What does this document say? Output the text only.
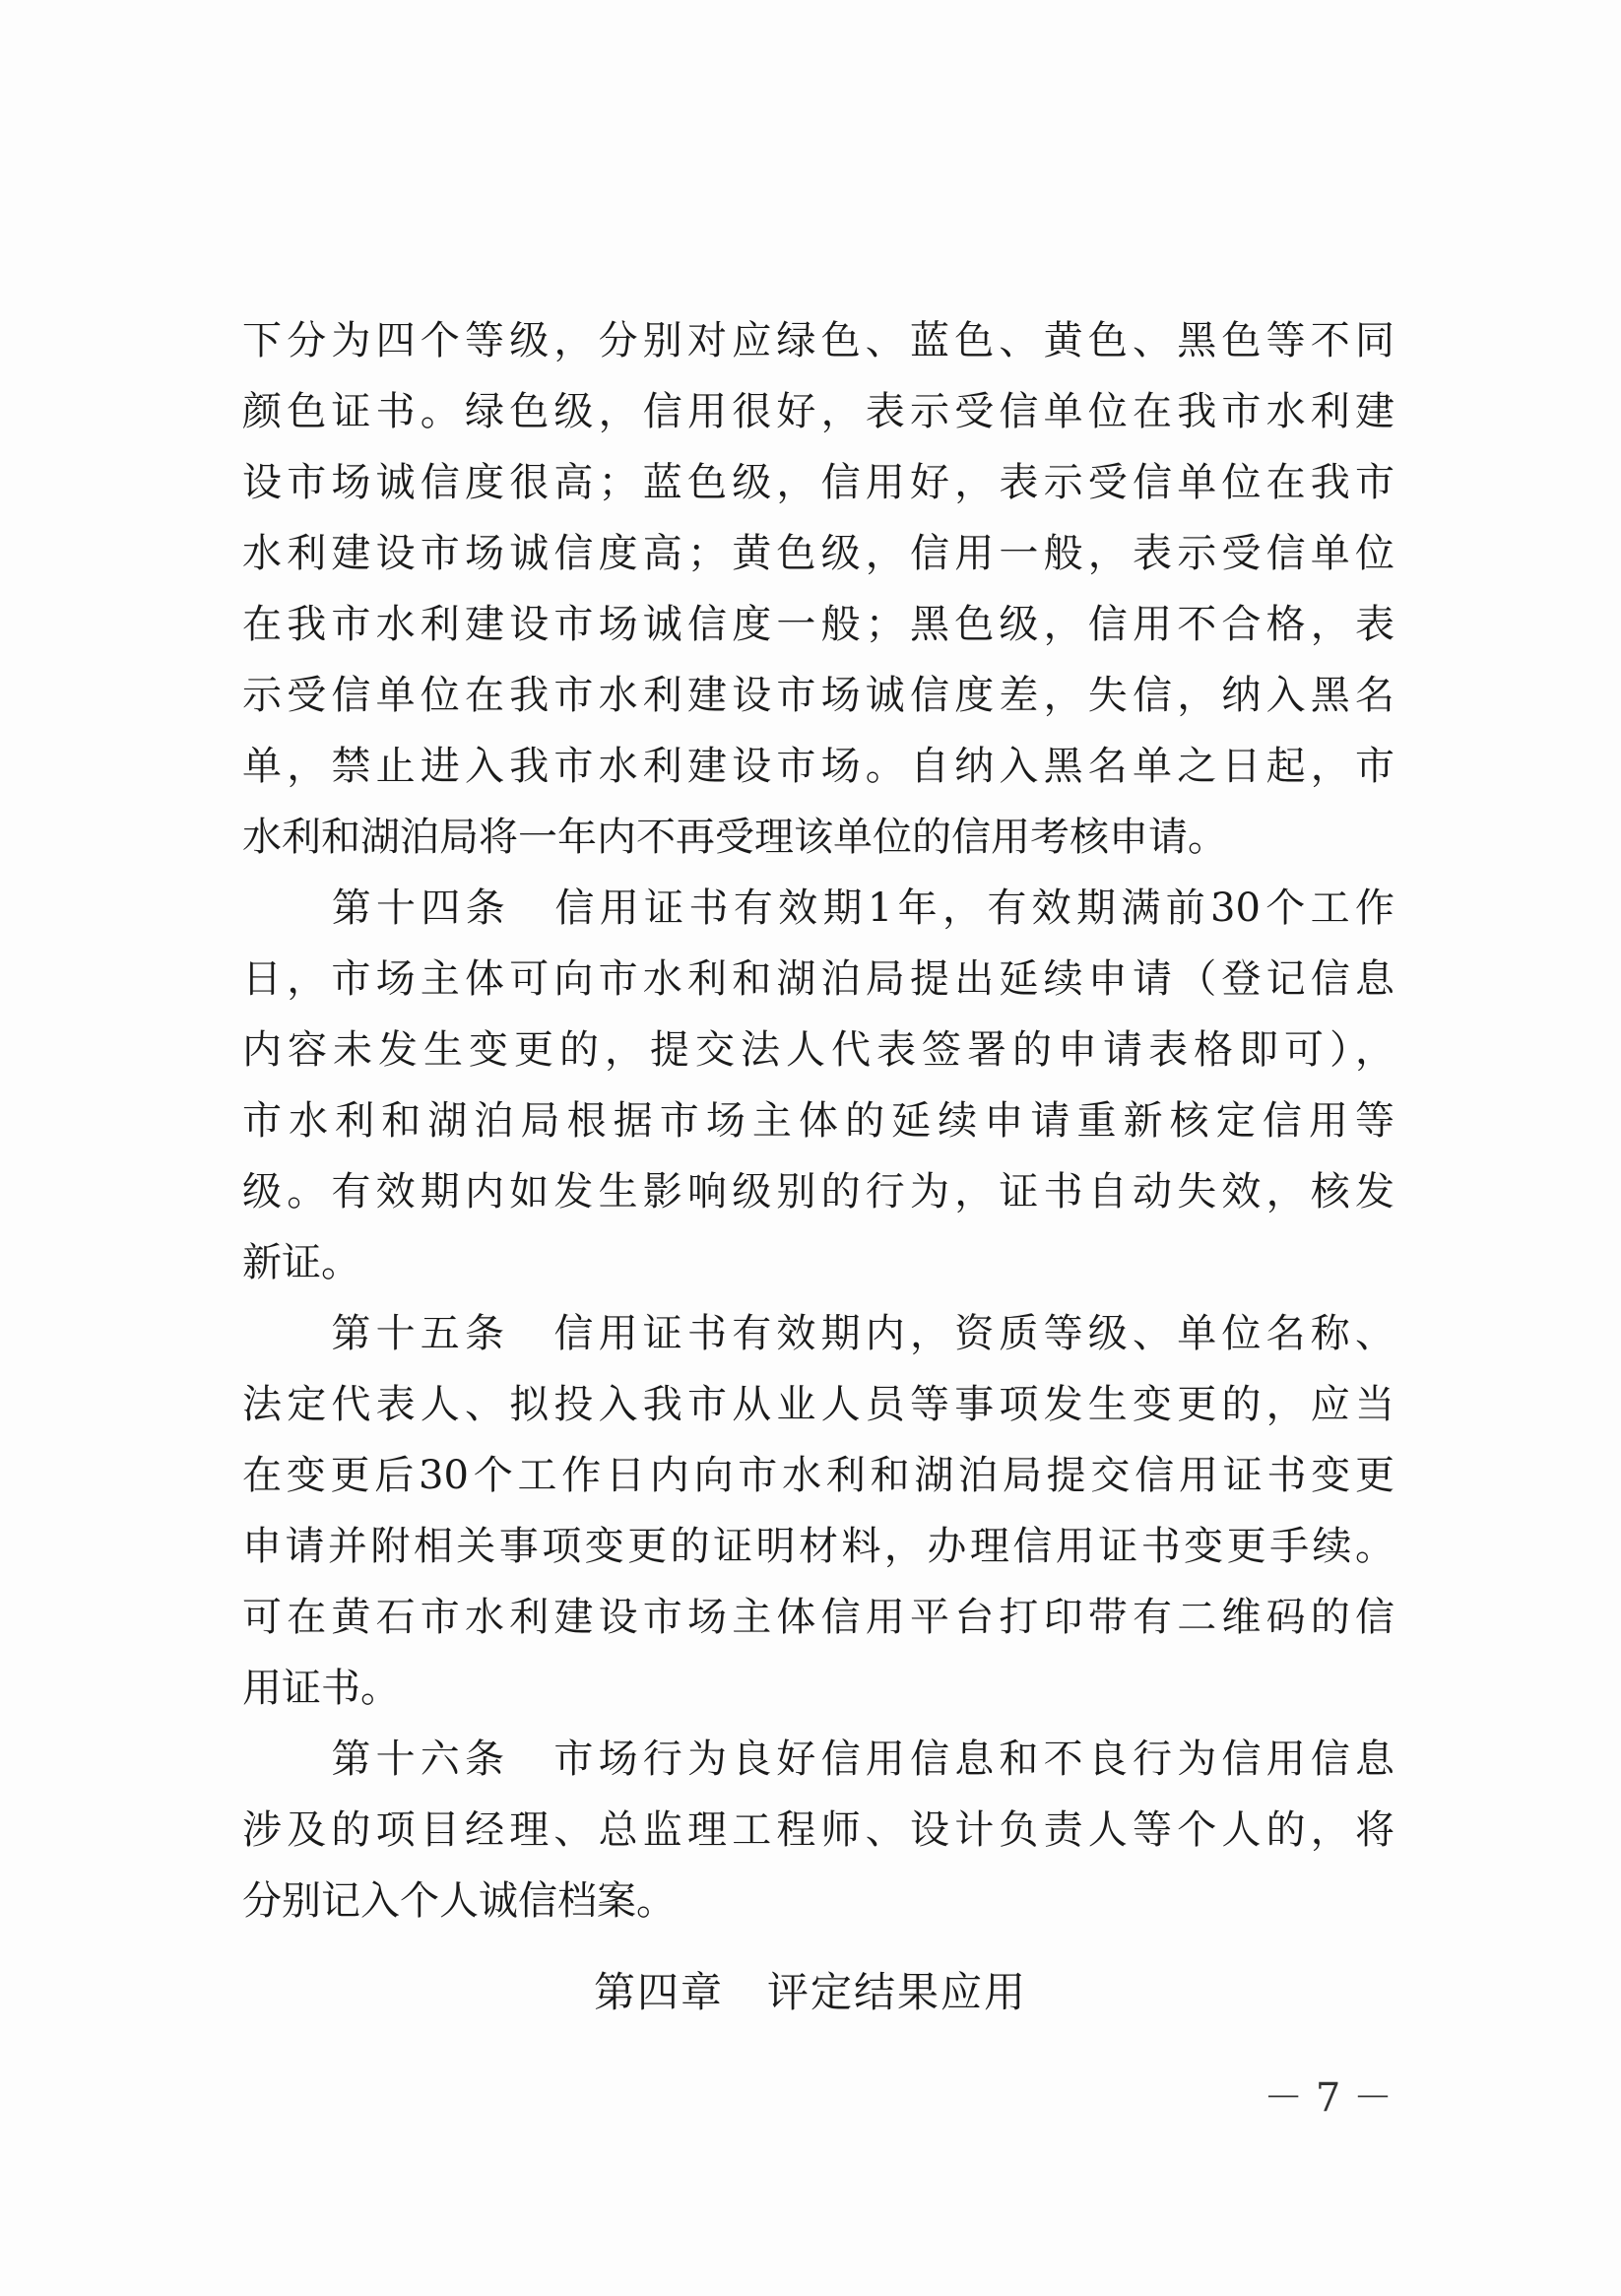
下分为四个等级，分别对应绿色、蓝色、黄色、黑色等不同
颜色证书。绿色级，信用很好，表示受信单位在我市水利建
设市场诚信度很高；蓝色级，信用好，表示受信单位在我市
水利建设市场诚信度高；黄色级，信用一般，表示受信单位
在我市水利建设市场诚信度一般；黑色级，信用不合格，表
示受信单位在我市水利建设市场诚信度差，失信，纳入黑名
单，禁止进入我市水利建设市场。自纳入黑名单之日起，市
水利和湖泊局将一年内不再受理该单位的信用考核申请。
　　第十四条　信用证书有效期1年，有效期满前30个工作
日，市场主体可向市水利和湖泊局提出延续申请（登记信息
内容未发生变更的，提交法人代表签署的申请表格即可），
市水利和湖泊局根据市场主体的延续申请重新核定信用等
级。有效期内如发生影响级别的行为，证书自动失效，核发
新证。
　　第十五条　信用证书有效期内，资质等级、单位名称、
法定代表人、拟投入我市从业人员等事项发生变更的，应当
在变更后30个工作日内向市水利和湖泊局提交信用证书变更
申请并附相关事项变更的证明材料，办理信用证书变更手续。
可在黄石市水利建设市场主体信用平台打印带有二维码的信
用证书。
　　第十六条　市场行为良好信用信息和不良行为信用信息
涉及的项目经理、总监理工程师、设计负责人等个人的，将
分别记入个人诚信档案。
第四章　评定结果应用
－ 7 －
